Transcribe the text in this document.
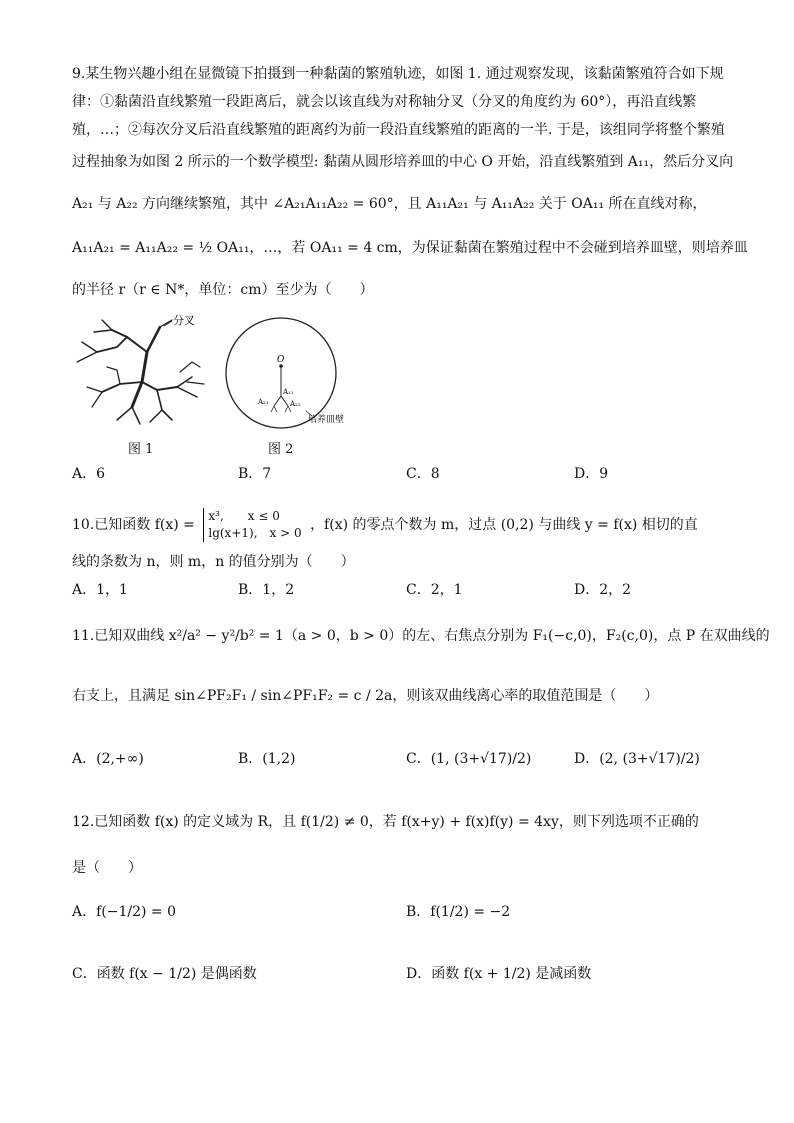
9.某生物兴趣小组在显微镜下拍摄到一种黏菌的繁殖轨迹，如图 1. 通过观察发现，该黏菌繁殖符合如下规
律：①黏菌沿直线繁殖一段距离后，就会以该直线为对称轴分叉（分叉的角度约为 60°），再沿直线繁
殖，…；②每次分叉后沿直线繁殖的距离约为前一段沿直线繁殖的距离的一半. 于是，该组同学将整个繁殖
过程抽象为如图 2 所示的一个数学模型: 黏菌从圆形培养皿的中心 O 开始，沿直线繁殖到 A₁₁，然后分叉向
A₂₁ 与 A₂₂ 方向继续繁殖，其中 ∠A₂₁A₁₁A₂₂ = 60°，且 A₁₁A₂₁ 与 A₁₁A₂₂ 关于 OA₁₁ 所在直线对称，
A₁₁A₂₁ = A₁₁A₂₂ = ½ OA₁₁，…，若 OA₁₁ = 4 cm，为保证黏菌在繁殖过程中不会碰到培养皿壁，则培养皿
的半径 r（r ∈ N*，单位：cm）至少为（　　）
分叉
图 1
O
A₁₁
A₂₁	A₂₂
培养皿壁
图 2
A．6	B．7	C．8	D．9
10.已知函数 f(x) =
x³,　　x ≤ 0
lg(x+1),　x > 0 ，f(x) 的零点个数为 m，过点 (0,2) 与曲线 y = f(x) 相切的直
线的条数为 n，则 m，n 的值分别为（　　）
A．1，1	B．1，2	C．2，1	D．2，2
11.已知双曲线 x²/a² − y²/b² = 1（a > 0，b > 0）的左、右焦点分别为 F₁(−c,0)，F₂(c,0)，点 P 在双曲线的
右支上，且满足 sin∠PF₂F₁ / sin∠PF₁F₂ = c / 2a，则该双曲线离心率的取值范围是（　　）
A．(2,+∞)	B．(1,2)	C．(1, (3+√17)/2)	D．(2, (3+√17)/2)
12.已知函数 f(x) 的定义域为 R，且 f(1/2) ≠ 0，若 f(x+y) + f(x)f(y) = 4xy，则下列选项不正确的
是（　　）
A．f(−1/2) = 0	B．f(1/2) = −2
C．函数 f(x − 1/2) 是偶函数	D．函数 f(x + 1/2) 是减函数
